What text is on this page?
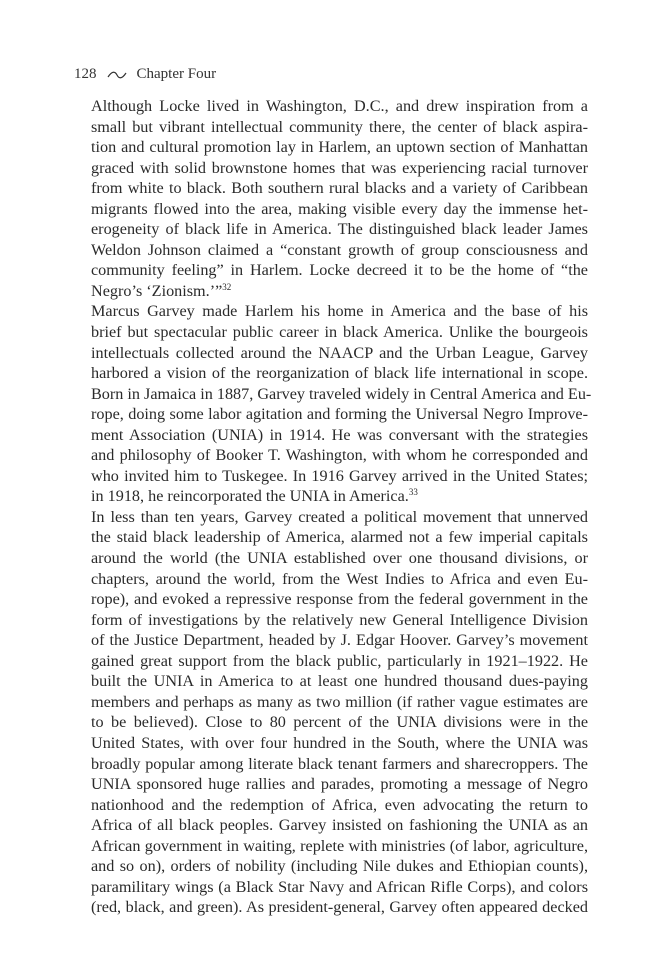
128	Chapter Four

Although Locke lived in Washington, D.C., and drew inspiration from a
small but vibrant intellectual community there, the center of black aspira-
tion and cultural promotion lay in Harlem, an uptown section of Manhattan
graced with solid brownstone homes that was experiencing racial turnover
from white to black. Both southern rural blacks and a variety of Caribbean
migrants flowed into the area, making visible every day the immense het-
erogeneity of black life in America. The distinguished black leader James
Weldon Johnson claimed a “constant growth of group consciousness and
community feeling” in Harlem. Locke decreed it to be the home of “the
Negro’s ‘Zionism.’”$^{32}$

Marcus Garvey made Harlem his home in America and the base of his
brief but spectacular public career in black America. Unlike the bourgeois
intellectuals collected around the NAACP and the Urban League, Garvey
harbored a vision of the reorganization of black life international in scope.
Born in Jamaica in 1887, Garvey traveled widely in Central America and Eu-
rope, doing some labor agitation and forming the Universal Negro Improve-
ment Association (UNIA) in 1914. He was conversant with the strategies
and philosophy of Booker T. Washington, with whom he corresponded and
who invited him to Tuskegee. In 1916 Garvey arrived in the United States;
in 1918, he reincorporated the UNIA in America.$^{33}$

In less than ten years, Garvey created a political movement that unnerved
the staid black leadership of America, alarmed not a few imperial capitals
around the world (the UNIA established over one thousand divisions, or
chapters, around the world, from the West Indies to Africa and even Eu-
rope), and evoked a repressive response from the federal government in the
form of investigations by the relatively new General Intelligence Division
of the Justice Department, headed by J. Edgar Hoover. Garvey’s movement
gained great support from the black public, particularly in 1921–1922. He
built the UNIA in America to at least one hundred thousand dues-paying
members and perhaps as many as two million (if rather vague estimates are
to be believed). Close to 80 percent of the UNIA divisions were in the
United States, with over four hundred in the South, where the UNIA was
broadly popular among literate black tenant farmers and sharecroppers. The
UNIA sponsored huge rallies and parades, promoting a message of Negro
nationhood and the redemption of Africa, even advocating the return to
Africa of all black peoples. Garvey insisted on fashioning the UNIA as an
African government in waiting, replete with ministries (of labor, agriculture,
and so on), orders of nobility (including Nile dukes and Ethiopian counts),
paramilitary wings (a Black Star Navy and African Rifle Corps), and colors
(red, black, and green). As president-general, Garvey often appeared decked
